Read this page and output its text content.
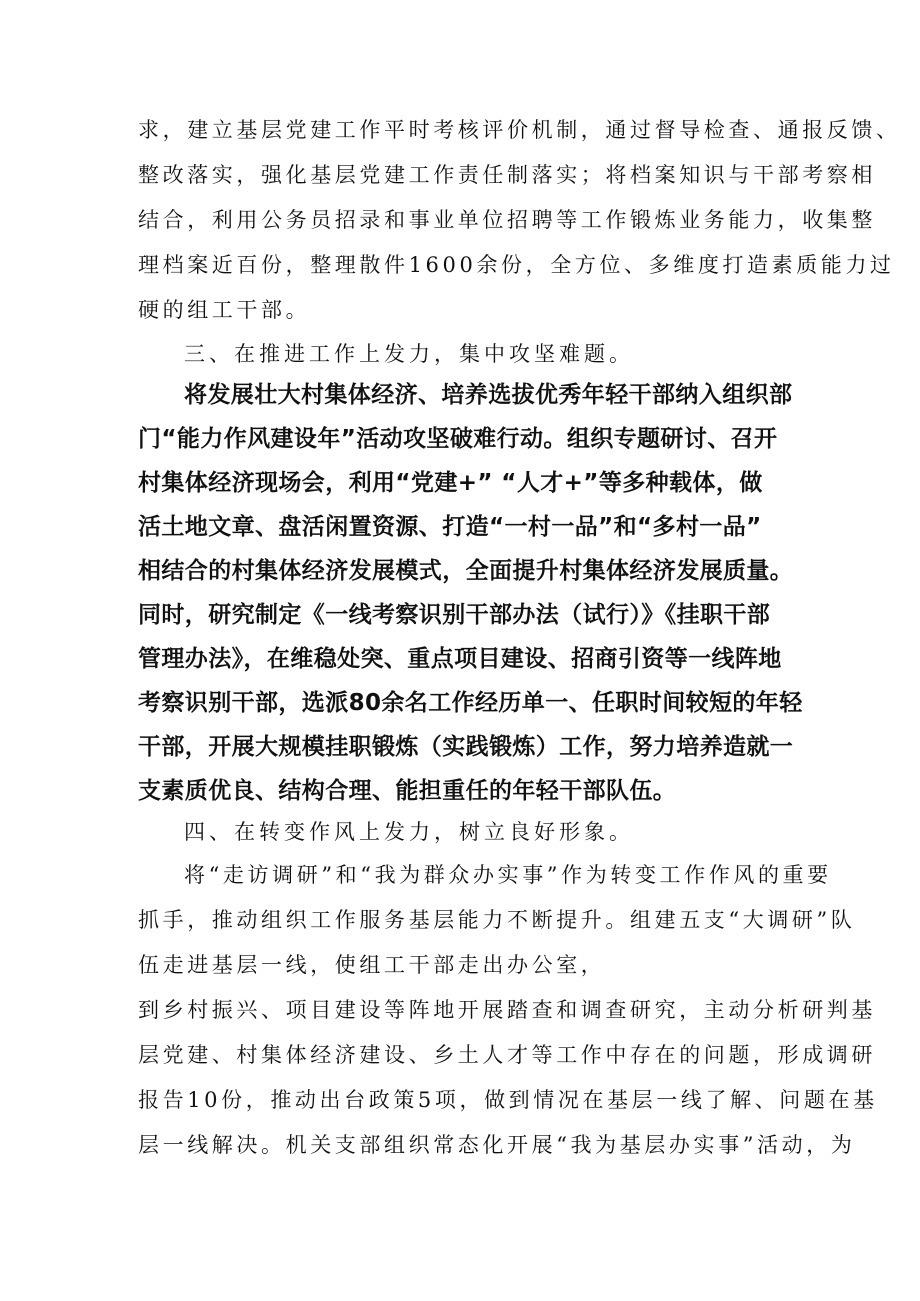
求，建立基层党建工作平时考核评价机制，通过督导检查、通报反馈、
整改落实，强化基层党建工作责任制落实；将档案知识与干部考察相
结合，利用公务员招录和事业单位招聘等工作锻炼业务能力，收集整
理档案近百份，整理散件1600余份，全方位、多维度打造素质能力过
硬的组工干部。
三、在推进工作上发力，集中攻坚难题。
将发展壮大村集体经济、培养选拔优秀年轻干部纳入组织部
门“能力作风建设年”活动攻坚破难行动。组织专题研讨、召开
村集体经济现场会，利用“党建+” “人才+”等多种载体，做
活土地文章、盘活闲置资源、打造“一村一品”和“多村一品”
相结合的村集体经济发展模式，全面提升村集体经济发展质量。
同时，研究制定《一线考察识别干部办法（试行）》《挂职干部
管理办法》，在维稳处突、重点项目建设、招商引资等一线阵地
考察识别干部，选派80余名工作经历单一、任职时间较短的年轻
干部，开展大规模挂职锻炼（实践锻炼）工作，努力培养造就一
支素质优良、结构合理、能担重任的年轻干部队伍。
四、在转变作风上发力，树立良好形象。
将“走访调研”和“我为群众办实事”作为转变工作作风的重要
抓手，推动组织工作服务基层能力不断提升。组建五支“大调研”队
伍走进基层一线，使组工干部走出办公室，
到乡村振兴、项目建设等阵地开展踏查和调查研究，主动分析研判基
层党建、村集体经济建设、乡土人才等工作中存在的问题，形成调研
报告10份，推动出台政策5项，做到情况在基层一线了解、问题在基
层一线解决。机关支部组织常态化开展“我为基层办实事”活动，为
